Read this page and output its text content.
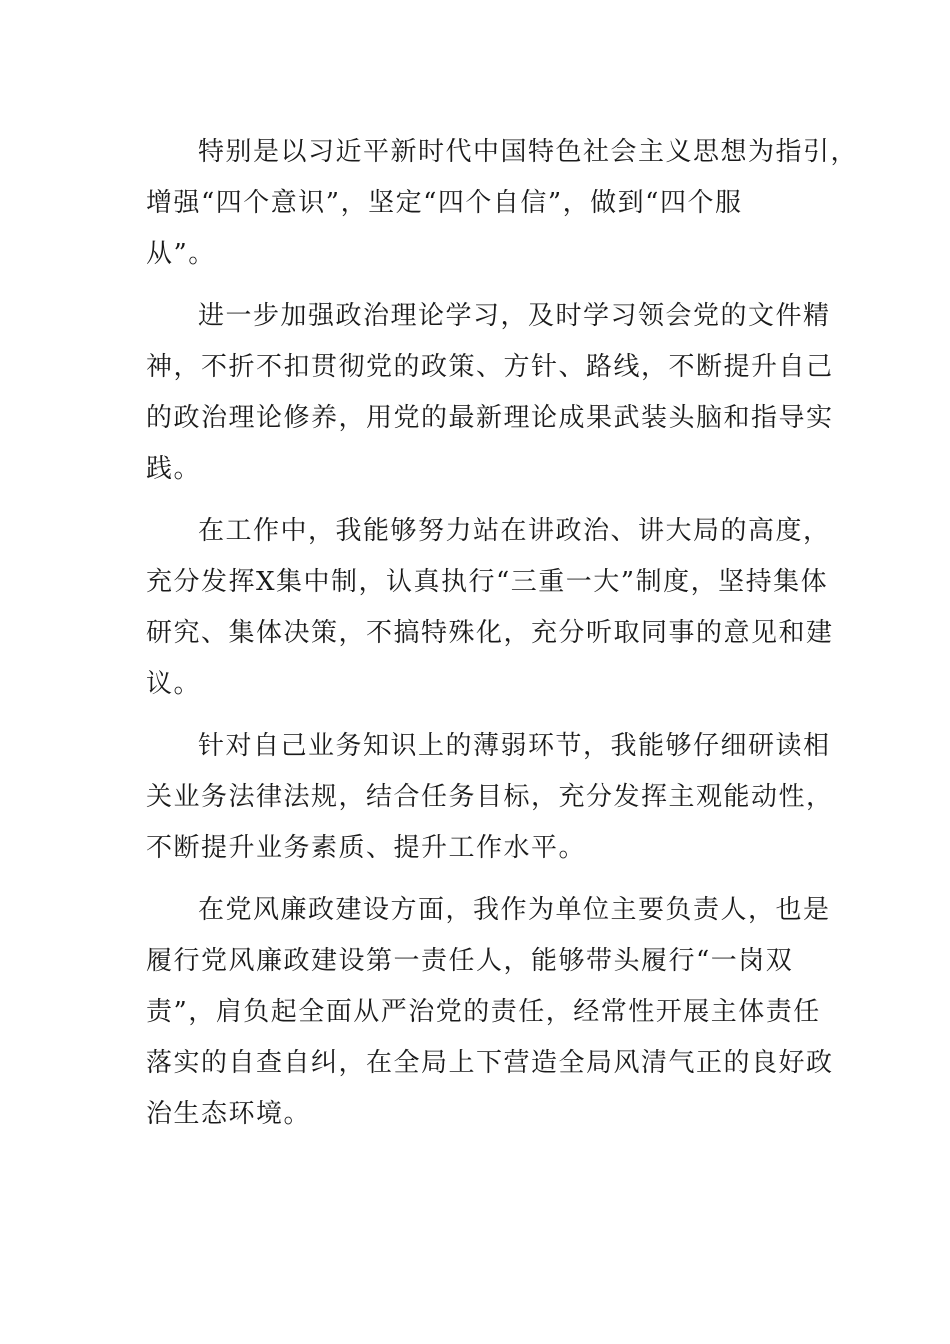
特别是以习近平新时代中国特色社会主义思想为指引，
增强“四个意识”，坚定“四个自信”，做到“四个服
从”。

进一步加强政治理论学习，及时学习领会党的文件精
神，不折不扣贯彻党的政策、方针、路线，不断提升自己
的政治理论修养，用党的最新理论成果武装头脑和指导实
践。

在工作中，我能够努力站在讲政治、讲大局的高度，
充分发挥X集中制，认真执行“三重一大”制度，坚持集体
研究、集体决策，不搞特殊化，充分听取同事的意见和建
议。

针对自己业务知识上的薄弱环节，我能够仔细研读相
关业务法律法规，结合任务目标，充分发挥主观能动性，
不断提升业务素质、提升工作水平。

在党风廉政建设方面，我作为单位主要负责人，也是
履行党风廉政建设第一责任人，能够带头履行“一岗双
责”，肩负起全面从严治党的责任，经常性开展主体责任
落实的自查自纠，在全局上下营造全局风清气正的良好政
治生态环境。
